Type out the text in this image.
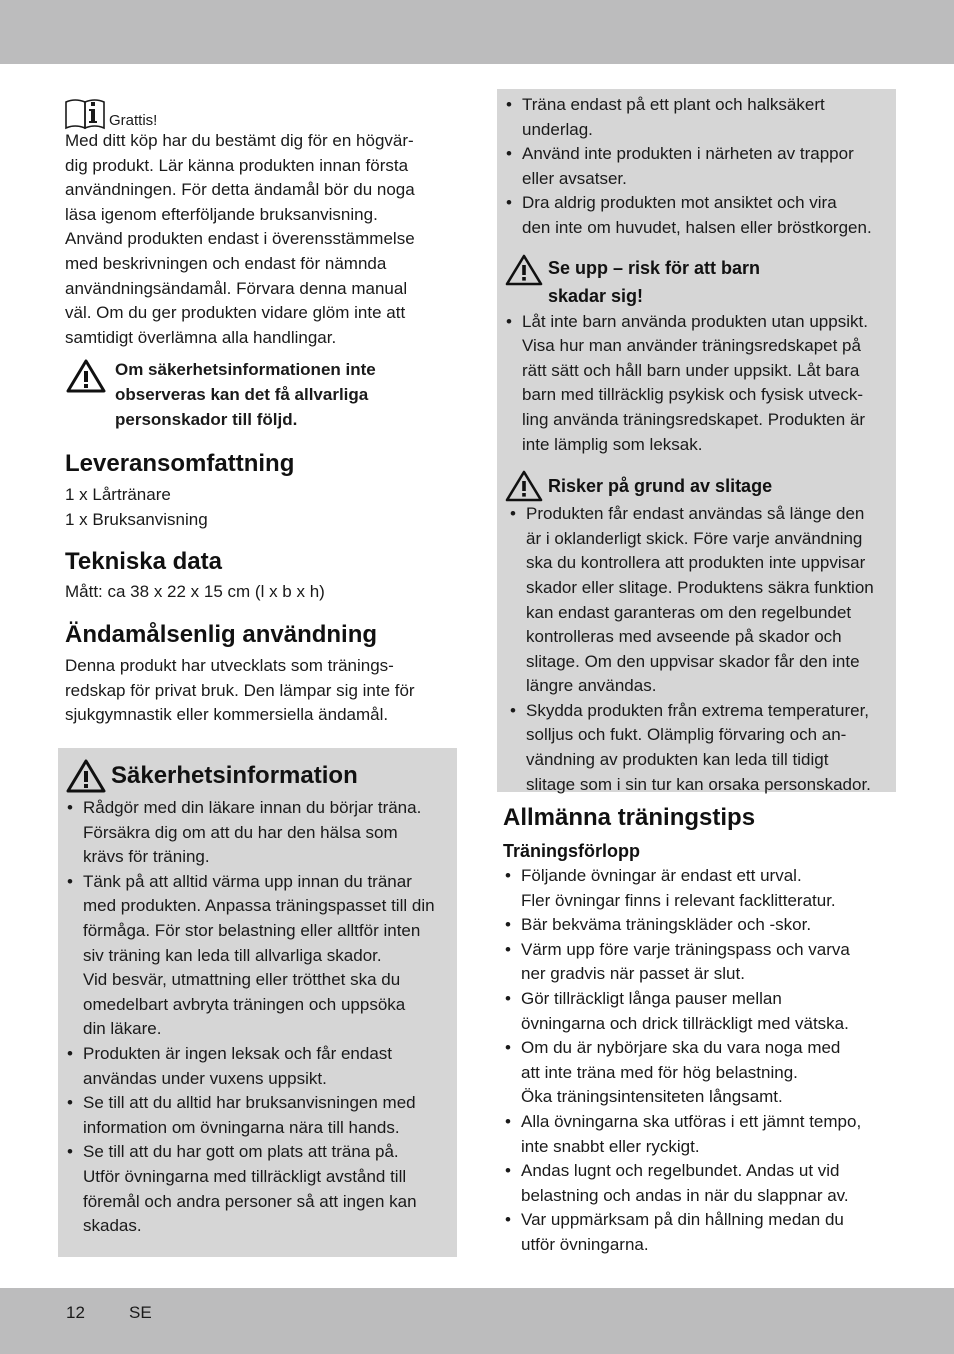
12	SE
Grattis!

Med ditt köp har du bestämt dig för en högvär-

dig produkt. Lär känna produkten innan första

användningen. För detta ändamål bör du noga

läsa igenom efterföljande bruksanvisning.

Använd produkten endast i överensstämmelse

med beskrivningen och endast för nämnda

användningsändamål. Förvara denna manual

väl. Om du ger produkten vidare glöm inte att

samtidigt överlämna alla handlingar.

Om säkerhetsinformationen inte

observeras kan det få allvarliga

personskador till följd.

Leveransomfattning

1 x Lårtränare

1 x Bruksanvisning

Tekniska data

Mått: ca 38 x 22 x 15 cm (l x b x h)

Ändamålsenlig användning

Denna produkt har utvecklats som tränings-

redskap för privat bruk. Den lämpar sig inte för

sjukgymnastik eller kommersiella ändamål.

Säkerhetsinformation

• Rådgör med din läkare innan du börjar träna.

Försäkra dig om att du har den hälsa som

krävs för träning.

• Tänk på att alltid värma upp innan du tränar

med produkten. Anpassa träningspasset till din

förmåga. För stor belastning eller alltför inten

siv träning kan leda till allvarliga skador.

Vid besvär, utmattning eller trötthet ska du

omedelbart avbryta träningen och uppsöka

din läkare.

• Produkten är ingen leksak och får endast

användas under vuxens uppsikt.

• Se till att du alltid har bruksanvisningen med

information om övningarna nära till hands.

• Se till att du har gott om plats att träna på.

Utför övningarna med tillräckligt avstånd till

föremål och andra personer så att ingen kan

skadas.

• Träna endast på ett plant och halksäkert

underlag.

• Använd inte produkten i närheten av trappor

eller avsatser.

• Dra aldrig produkten mot ansiktet och vira

den inte om huvudet, halsen eller bröstkorgen.

Se upp – risk för att barn

skadar sig!

• Låt inte barn använda produkten utan uppsikt.

Visa hur man använder träningsredskapet på

rätt sätt och håll barn under uppsikt. Låt bara

barn med tillräcklig psykisk och fysisk utveck-

ling använda träningsredskapet. Produkten är

inte lämplig som leksak.

Risker på grund av slitage

• Produkten får endast användas så länge den

är i oklanderligt skick. Före varje användning

ska du kontrollera att produkten inte uppvisar

skador eller slitage. Produktens säkra funktion

kan endast garanteras om den regelbundet

kontrolleras med avseende på skador och

slitage. Om den uppvisar skador får den inte

längre användas.

• Skydda produkten från extrema temperaturer,

solljus och fukt. Olämplig förvaring och an-

vändning av produkten kan leda till tidigt

slitage som i sin tur kan orsaka personskador.

Allmänna träningstips
Träningsförlopp

• Följande övningar är endast ett urval.

Fler övningar finns i relevant facklitteratur.

• Bär bekväma träningskläder och -skor.

• Värm upp före varje träningspass och varva

ner gradvis när passet är slut.

• Gör tillräckligt långa pauser mellan

övningarna och drick tillräckligt med vätska.

• Om du är nybörjare ska du vara noga med

att inte träna med för hög belastning.

Öka träningsintensiteten långsamt.

• Alla övningarna ska utföras i ett jämnt tempo,

inte snabbt eller ryckigt.

• Andas lugnt och regelbundet. Andas ut vid

belastning och andas in när du slappnar av.

• Var uppmärksam på din hållning medan du

utför övningarna.
